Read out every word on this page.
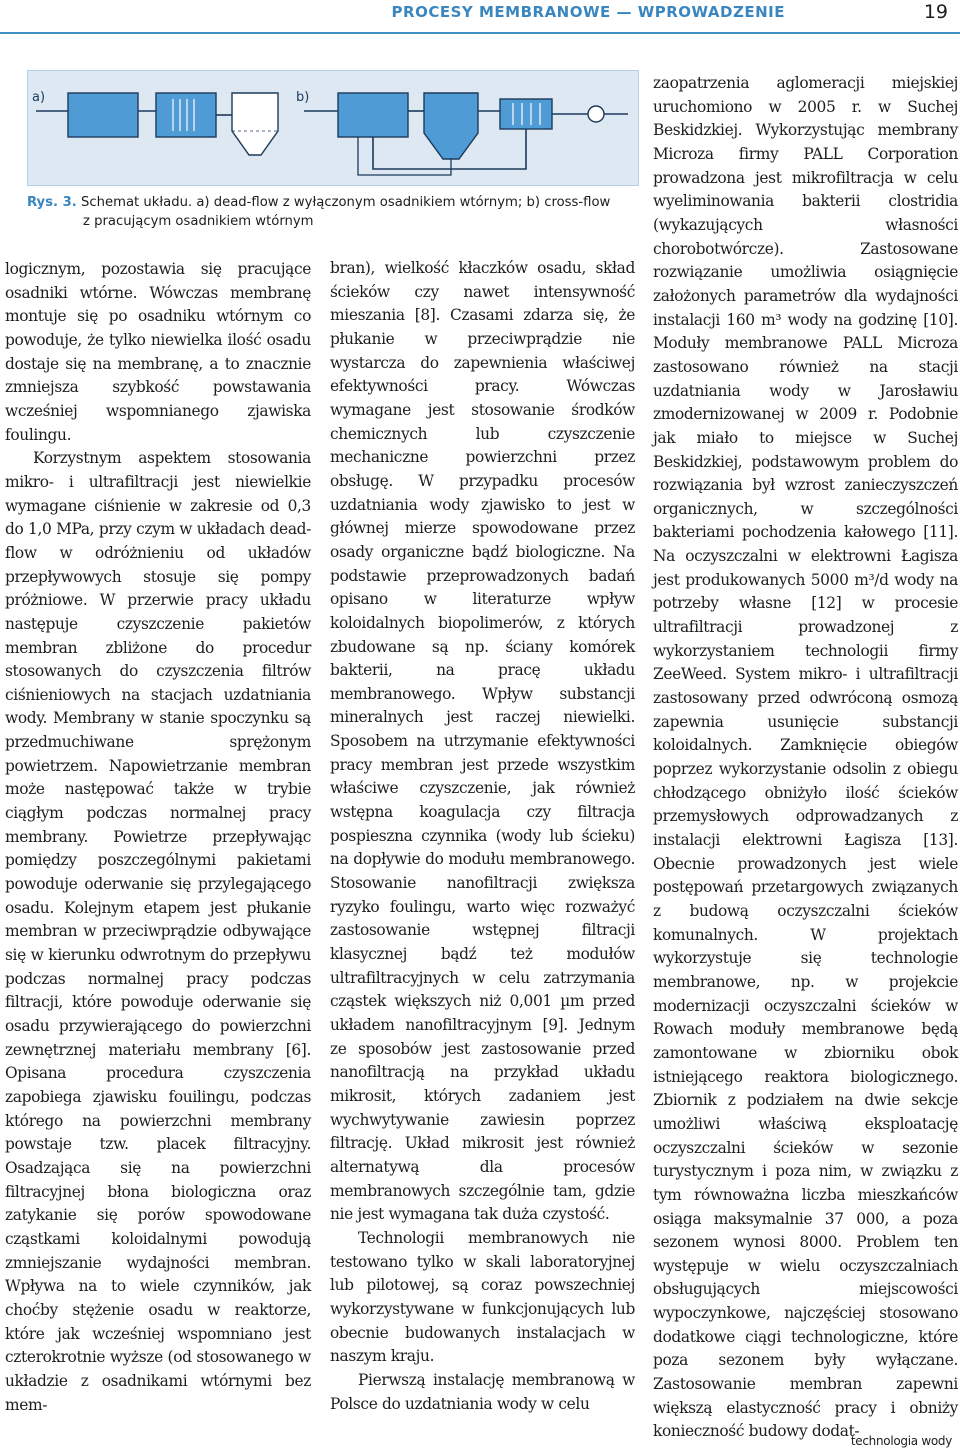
PROCESY MEMBRANOWE — WPROWADZENIE	19
a)	b)
Rys. 3. Schemat układu. a) dead-flow z wyłączonym osadnikiem wtórnym; b) cross-flow
z pracującym osadnikiem wtórnym

logicznym, pozostawia się pracujące osadniki wtórne. Wówczas membranę montuje się po osadniku wtórnym co powoduje, że tylko niewielka ilość osadu dostaje się na membranę, a to znacznie zmniejsza szybkość powstawania wcześniej wspomnianego zjawiska foulingu.

Korzystnym aspektem stosowania mikro- i ultrafiltracji jest niewielkie wymagane ciśnienie w zakresie od 0,3 do 1,0 MPa, przy czym w układach dead-flow w odróżnieniu od układów przepływowych stosuje się pompy próżniowe. W przerwie pracy układu następuje czyszczenie pakietów membran zbliżone do procedur stosowanych do czyszczenia filtrów ciśnieniowych na stacjach uzdatniania wody. Membrany w stanie spoczynku są przedmuchiwane sprężonym powietrzem. Napowietrzanie membran może następować także w trybie ciągłym podczas normalnej pracy membrany. Powietrze przepływając pomiędzy poszczególnymi pakietami powoduje oderwanie się przylegającego osadu. Kolejnym etapem jest płukanie membran w przeciwprądzie odbywające się w kierunku odwrotnym do przepływu podczas normalnej pracy podczas filtracji, które powoduje oderwanie się osadu przywierającego do powierzchni zewnętrznej materiału membrany [6]. Opisana procedura czyszczenia zapobiega zjawisku fouilingu, podczas którego na powierzchni membrany powstaje tzw. placek filtracyjny. Osadzająca się na powierzchni filtracyjnej błona biologiczna oraz zatykanie się porów spowodowane cząstkami koloidalnymi powodują zmniejszanie wydajności membran. Wpływa na to wiele czynników, jak choćby stężenie osadu w reaktorze, które jak wcześniej wspomniano jest czterokrotnie wyższe (od stosowanego w układzie z osadnikami wtórnymi bez mem-

bran), wielkość kłaczków osadu, skład ścieków czy nawet intensywność mieszania [8]. Czasami zdarza się, że płukanie w przeciwprądzie nie wystarcza do zapewnienia właściwej efektywności pracy. Wówczas wymagane jest stosowanie środków chemicznych lub czyszczenie mechaniczne powierzchni przez obsługę. W przypadku procesów uzdatniania wody zjawisko to jest w głównej mierze spowodowane przez osady organiczne bądź biologiczne. Na podstawie przeprowadzonych badań opisano w literaturze wpływ koloidalnych biopolimerów, z których zbudowane są np. ściany komórek bakterii, na pracę układu membranowego. Wpływ substancji mineralnych jest raczej niewielki. Sposobem na utrzymanie efektywności pracy membran jest przede wszystkim właściwe czyszczenie, jak również wstępna koagulacja czy filtracja pospieszna czynnika (wody lub ścieku) na dopływie do modułu membranowego. Stosowanie nanofiltracji zwiększa ryzyko foulingu, warto więc rozważyć zastosowanie wstępnej filtracji klasycznej bądź też modułów ultrafiltracyjnych w celu zatrzymania cząstek większych niż 0,001 µm przed układem nanofiltracyjnym [9]. Jednym ze sposobów jest zastosowanie przed nanofiltracją na przykład układu mikrosit, których zadaniem jest wychwytywanie zawiesin poprzez filtrację. Układ mikrosit jest również alternatywą dla procesów membranowych szczególnie tam, gdzie nie jest wymagana tak duża czystość.

Technologii membranowych nie testowano tylko w skali laboratoryjnej lub pilotowej, są coraz powszechniej wykorzystywane w funkcjonujących lub obecnie budowanych instalacjach w naszym kraju.

Pierwszą instalację membranową w Polsce do uzdatniania wody w celu

zaopatrzenia aglomeracji miejskiej uruchomiono w 2005 r. w Suchej Beskidzkiej. Wykorzystując membrany Microza firmy PALL Corporation prowadzona jest mikrofiltracja w celu wyeliminowania bakterii clostridia (wykazujących własności chorobotwórcze). Zastosowane rozwiązanie umożliwia osiągnięcie założonych parametrów dla wydajności instalacji 160 m³ wody na godzinę [10]. Moduły membranowe PALL Microza zastosowano również na stacji uzdatniania wody w Jarosławiu zmodernizowanej w 2009 r. Podobnie jak miało to miejsce w Suchej Beskidzkiej, podstawowym problem do rozwiązania był wzrost zanieczyszczeń organicznych, w szczególności bakteriami pochodzenia kałowego [11]. Na oczyszczalni w elektrowni Łagisza jest produkowanych 5000 m³/d wody na potrzeby własne [12] w procesie ultrafiltracji prowadzonej z wykorzystaniem technologii firmy ZeeWeed. System mikro- i ultrafiltracji zastosowany przed odwróconą osmozą zapewnia usunięcie substancji koloidalnych. Zamknięcie obiegów poprzez wykorzystanie odsolin z obiegu chłodzącego obniżyło ilość ścieków przemysłowych odprowadzanych z instalacji elektrowni Łagisza [13]. Obecnie prowadzonych jest wiele postępowań przetargowych związanych z budową oczyszczalni ścieków komunalnych. W projektach wykorzystuje się technologie membranowe, np. w projekcie modernizacji oczyszczalni ścieków w Rowach moduły membranowe będą zamontowane w zbiorniku obok istniejącego reaktora biologicznego. Zbiornik z podziałem na dwie sekcje umożliwi właściwą eksploatację oczyszczalni ścieków w sezonie turystycznym i poza nim, w związku z tym równoważna liczba mieszkańców osiąga maksymalnie 37 000, a poza sezonem wynosi 8000. Problem ten występuje w wielu oczyszczalniach obsługujących miejscowości wypoczynkowe, najczęściej stosowano dodatkowe ciągi technologiczne, które poza sezonem były wyłączane. Zastosowanie membran zapewni większą elastyczność pracy i obniży konieczność budowy dodat-

technologia wody
